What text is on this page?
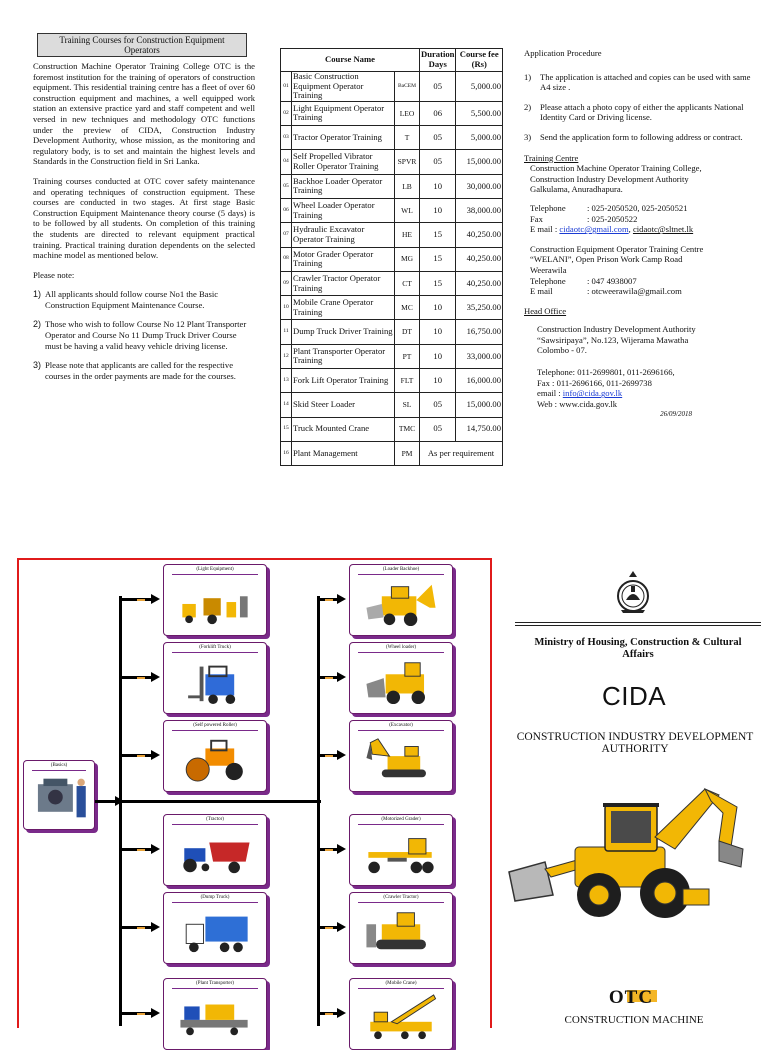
Training Courses for Construction Equipment Operators

Construction Machine Operator Training College OTC is the foremost institution for the training of operators of construction equipment. This residential training centre has a fleet of over 60 construction equipment and machines, a well equipped work station an extensive practice yard and staff competent and well versed in new techniques and methodology OTC functions under the preview of CIDA, Construction Industry Development Authority, whose mission, as the monitoring and regulatory body, is to set and maintain the highest levels and Standards in the Construction field in Sri Lanka.

Training courses conducted at OTC cover safety maintenance and operating techniques of construction equipment. These courses are conducted in two stages. At first stage Basic Construction Equipment Maintenance theory course (5 days) is to be followed by all students. On completion of this training the students are directed to relevant equipment practical training. Practical training duration dependents on the selected machine model as mentioned below.

Please note:

1) All applicants should follow course No1 the Basic Construction Equipment Maintenance Course.
2) Those who wish to follow Course No 12 Plant Transporter Operator and Course No 11 Dump Truck Driver Course must be having a valid heavy vehicle driving license.
3) Please note that applicants are called for the respective courses in the order payments are made for the courses.
Course Name			Duration Days	Course fee (Rs)
01	Basic Construction Equipment Operator Training	BaCEM	05	5,000.00
02	Light Equipment Operator Training	LEO	06	5,500.00
03	Tractor Operator Training	T	05	5,000.00
04	Self Propelled Vibrator Roller Operator Training	SPVR	05	15,000.00
05	Backhoe Loader Operator Training	LB	10	30,000.00
06	Wheel Loader Operator Training	WL	10	38,000.00
07	Hydraulic Excavator Operator Training	HE	15	40,250.00
08	Motor Grader Operator Training	MG	15	40,250.00
09	Crawler Tractor Operator Training	CT	15	40,250.00
10	Mobile Crane Operator Training	MC	10	35,250.00
11	Dump Truck Driver Training	DT	10	16,750.00
12	Plant Transporter Operator Training	PT	10	33,000.00
13	Fork Lift Operator Training	FLT	10	16,000.00
14	Skid Steer Loader	SL	05	15,000.00
15	Truck Mounted Crane	TMC	05	14,750.00
16	Plant Management	PM	As per requirement	
Application Procedure
1)	The application is attached and copies can be used with same A4 size .
2)	Please attach a photo copy of either the applicants National Identity Card or Driving license.
3)	Send the application form to following address or contract.
Training Centre
Construction Machine Operator Training College,
Construction Industry Development Authority
Galkulama, Anuradhapura.
Telephone	: 025-2050520, 025-2050521
Fax	: 025-2050522
E mail : cidaotc@gmail.com, cidaotc@sltnet.lk
Construction Equipment Operator Training Centre
“WELANI”, Open Prison Work Camp Road
Weerawila
Telephone	: 047 4938007
E mail	: otcweerawila@gmail.com
Head Office
Construction Industry Development Authority
“Sawsiripaya”, No.123, Wijerama Mawatha
Colombo - 07.
Telephone: 011-2699801, 011-2696166,
Fax : 011-2696166, 011-2699738
email : info@cida.gov.lk
Web : www.cida.gov.lk
26/09/2018
(Basics)
(Light Equipment)
(Forklift Truck)
(Self powered Roller)
(Tractor)
(Dump Truck)
(Plant Transporter)
(Loader Backhoe)
(Wheel loader)
(Excavator)
(Motorized Grader)
(Crawler Tractor)
(Mobile Crane)
Ministry of Housing, Construction & Cultural Affairs
CIDA
CONSTRUCTION INDUSTRY DEVELOPMENT AUTHORITY
OTC
CONSTRUCTION MACHINE
